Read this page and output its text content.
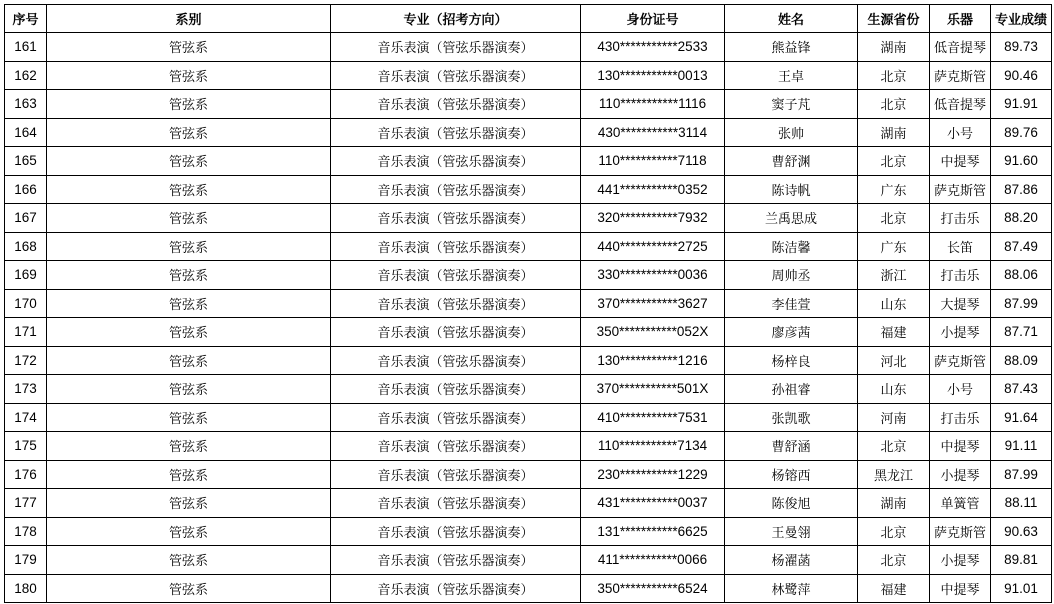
序号	系别	专业（招考方向）	身份证号	姓名	生源省份	乐器	专业成绩
161	管弦系	音乐表演（管弦乐器演奏）	430***********2533	熊益锋	湖南	低音提琴	89.73
162	管弦系	音乐表演（管弦乐器演奏）	130***********0013	王卓	北京	萨克斯管	90.46
163	管弦系	音乐表演（管弦乐器演奏）	110***********1116	窦子芃	北京	低音提琴	91.91
164	管弦系	音乐表演（管弦乐器演奏）	430***********3114	张帅	湖南	小号	89.76
165	管弦系	音乐表演（管弦乐器演奏）	110***********7118	曹舒渊	北京	中提琴	91.60
166	管弦系	音乐表演（管弦乐器演奏）	441***********0352	陈诗帆	广东	萨克斯管	87.86
167	管弦系	音乐表演（管弦乐器演奏）	320***********7932	兰禹思成	北京	打击乐	88.20
168	管弦系	音乐表演（管弦乐器演奏）	440***********2725	陈洁馨	广东	长笛	87.49
169	管弦系	音乐表演（管弦乐器演奏）	330***********0036	周帅丞	浙江	打击乐	88.06
170	管弦系	音乐表演（管弦乐器演奏）	370***********3627	李佳萱	山东	大提琴	87.99
171	管弦系	音乐表演（管弦乐器演奏）	350***********052X	廖彦茜	福建	小提琴	87.71
172	管弦系	音乐表演（管弦乐器演奏）	130***********1216	杨梓良	河北	萨克斯管	88.09
173	管弦系	音乐表演（管弦乐器演奏）	370***********501X	孙祖睿	山东	小号	87.43
174	管弦系	音乐表演（管弦乐器演奏）	410***********7531	张凯歌	河南	打击乐	91.64
175	管弦系	音乐表演（管弦乐器演奏）	110***********7134	曹舒涵	北京	中提琴	91.11
176	管弦系	音乐表演（管弦乐器演奏）	230***********1229	杨镕西	黑龙江	小提琴	87.99
177	管弦系	音乐表演（管弦乐器演奏）	431***********0037	陈俊旭	湖南	单簧管	88.11
178	管弦系	音乐表演（管弦乐器演奏）	131***********6625	王曼翎	北京	萨克斯管	90.63
179	管弦系	音乐表演（管弦乐器演奏）	411***********0066	杨濯菡	北京	小提琴	89.81
180	管弦系	音乐表演（管弦乐器演奏）	350***********6524	林鹭萍	福建	中提琴	91.01
